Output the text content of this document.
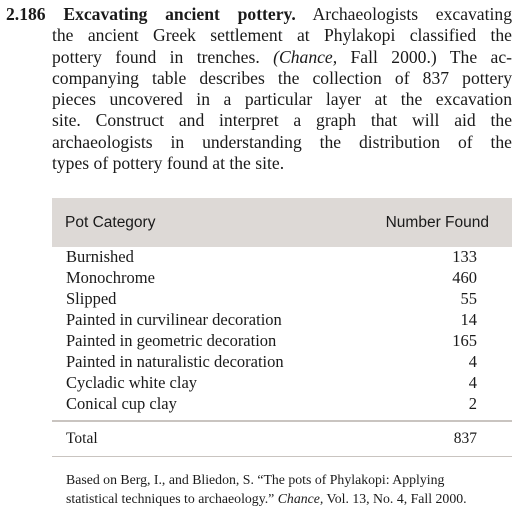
2.186 Excavating ancient pottery. Archaeologists excavating
the ancient Greek settlement at Phylakopi classified the
pottery found in trenches. (Chance, Fall 2000.) The ac-
companying table describes the collection of 837 pottery
pieces uncovered in a particular layer at the excavation
site. Construct and interpret a graph that will aid the
archaeologists in understanding the distribution of the
types of pottery found at the site.
Pot Category	Number Found
Burnished	133
Monochrome	460
Slipped	55
Painted in curvilinear decoration	14
Painted in geometric decoration	165
Painted in naturalistic decoration	4
Cycladic white clay	4
Conical cup clay	2
Total	837
Based on Berg, I., and Bliedon, S. “The pots of Phylakopi: Applying
statistical techniques to archaeology.” Chance, Vol. 13, No. 4, Fall 2000.
